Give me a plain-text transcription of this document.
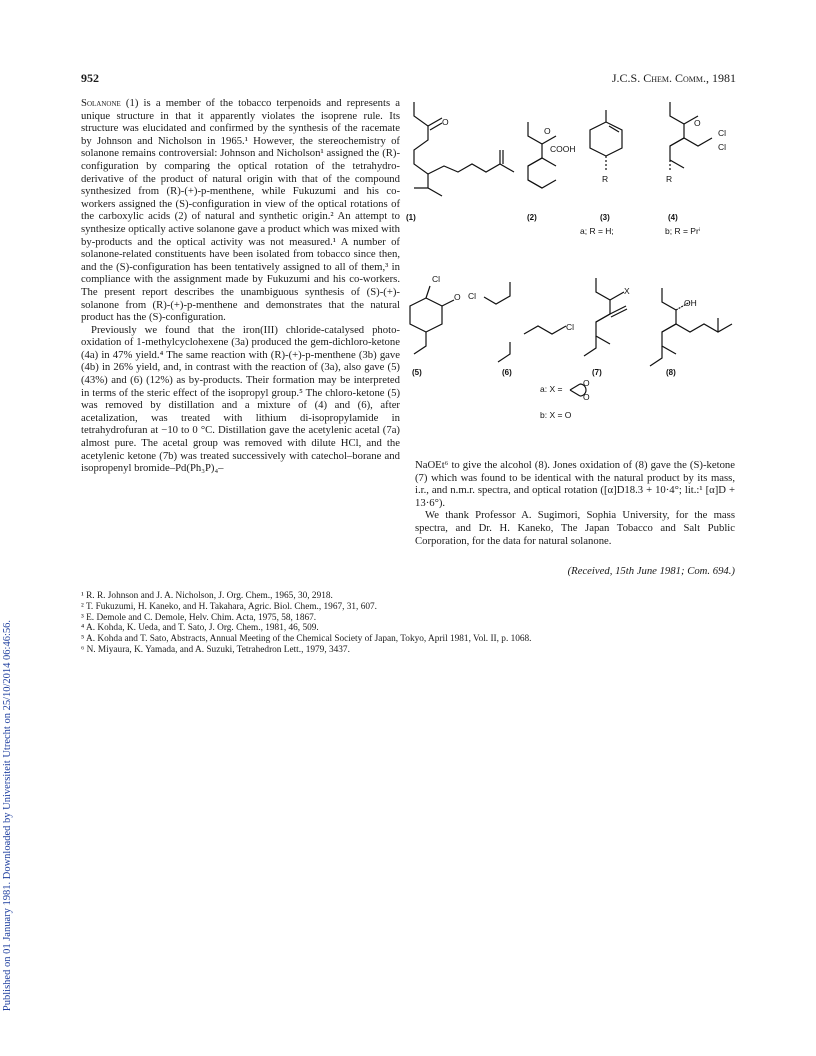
952	J.C.S. Chem. Comm., 1981
Published on 01 January 1981. Downloaded by Universiteit Utrecht on 25/10/2014 06:46:56.

Solanone (1) is a member of the tobacco terpenoids and represents a unique structure in that it apparently violates the isoprene rule. Its structure was elucidated and confirmed by the synthesis of the racemate by Johnson and Nicholson in 1965.¹ However, the stereochemistry of solanone remains controversial: Johnson and Nicholson¹ assigned the (R)-configuration by comparing the optical rotation of the tetrahydro-derivative of the product of natural origin with that of the compound synthesized from (R)-(+)-p-menthene, while Fukuzumi and his co-workers assigned the (S)-configuration in view of the optical rotations of the carboxylic acids (2) of natural and synthetic origin.² An attempt to synthesize optically active solanone gave a product which was mixed with by-products and the optical activity was not measured.¹ A number of solanone-related constituents have been isolated from tobacco since then, and the (S)-configuration has been tentatively assigned to all of them,³ in compliance with the assignment made by Fukuzumi and his co-workers. The present report describes the unambiguous synthesis of (S)-(+)-solanone from (R)-(+)-p-menthene and demonstrates that the natural product has the (S)-configuration.

Previously we found that the iron(III) chloride-catalysed photo-oxidation of 1-methylcyclohexene (3a) produced the gem-dichloro-ketone (4a) in 47% yield.⁴ The same reaction with (R)-(+)-p-menthene (3b) gave (4b) in 26% yield, and, in contrast with the reaction of (3a), also gave (5) (43%) and (6) (12%) as by-products. Their formation may be interpreted in terms of the steric effect of the isopropyl group.⁵ The chloro-ketone (5) was removed by distillation and a mixture of (4) and (6), after acetalization, was treated with lithium di-isopropylamide in tetrahydrofuran at −10 to 0 °C. Distillation gave the acetylenic acetal (7a) almost pure. The acetal group was removed with dilute HCl, and the acetylenic ketone (7b) was treated successively with catechol–borane and isopropenyl bromide–Pd(Ph₃P)₄–	NaOEt⁶ to give the alcohol (8). Jones oxidation of (8) gave the (S)-ketone (7) which was found to be identical with the natural product by its mass, i.r., and n.m.r. spectra, and optical rotation ([α]D18.3 + 10·4°; lit.:¹ [α]D + 13·6°).

We thank Professor A. Sugimori, Sophia University, for the mass spectra, and Dr. H. Kaneko, The Japan Tobacco and Salt Public Corporation, for the data for natural solanone.

(Received, 15th June 1981; Com. 694.)
¹ R. R. Johnson and J. A. Nicholson, J. Org. Chem., 1965, 30, 2918.
² T. Fukuzumi, H. Kaneko, and H. Takahara, Agric. Biol. Chem., 1967, 31, 607.
³ E. Demole and C. Demole, Helv. Chim. Acta, 1975, 58, 1867.
⁴ A. Kohda, K. Ueda, and T. Sato, J. Org. Chem., 1981, 46, 509.
⁵ A. Kohda and T. Sato, Abstracts, Annual Meeting of the Chemical Society of Japan, Tokyo, April 1981, Vol. II, p. 1068.
⁶ N. Miyaura, K. Yamada, and A. Suzuki, Tetrahedron Lett., 1979, 3437.
O
(1)
O
COOH
(2)
R
(3)
O
Cl
Cl
R
(4)
a; R = H;	b; R = Prⁱ
Cl
O
(5)
Cl
Cl
(6)
X
(7)
OH
(8)
a: X =
O
O
b: X = O
